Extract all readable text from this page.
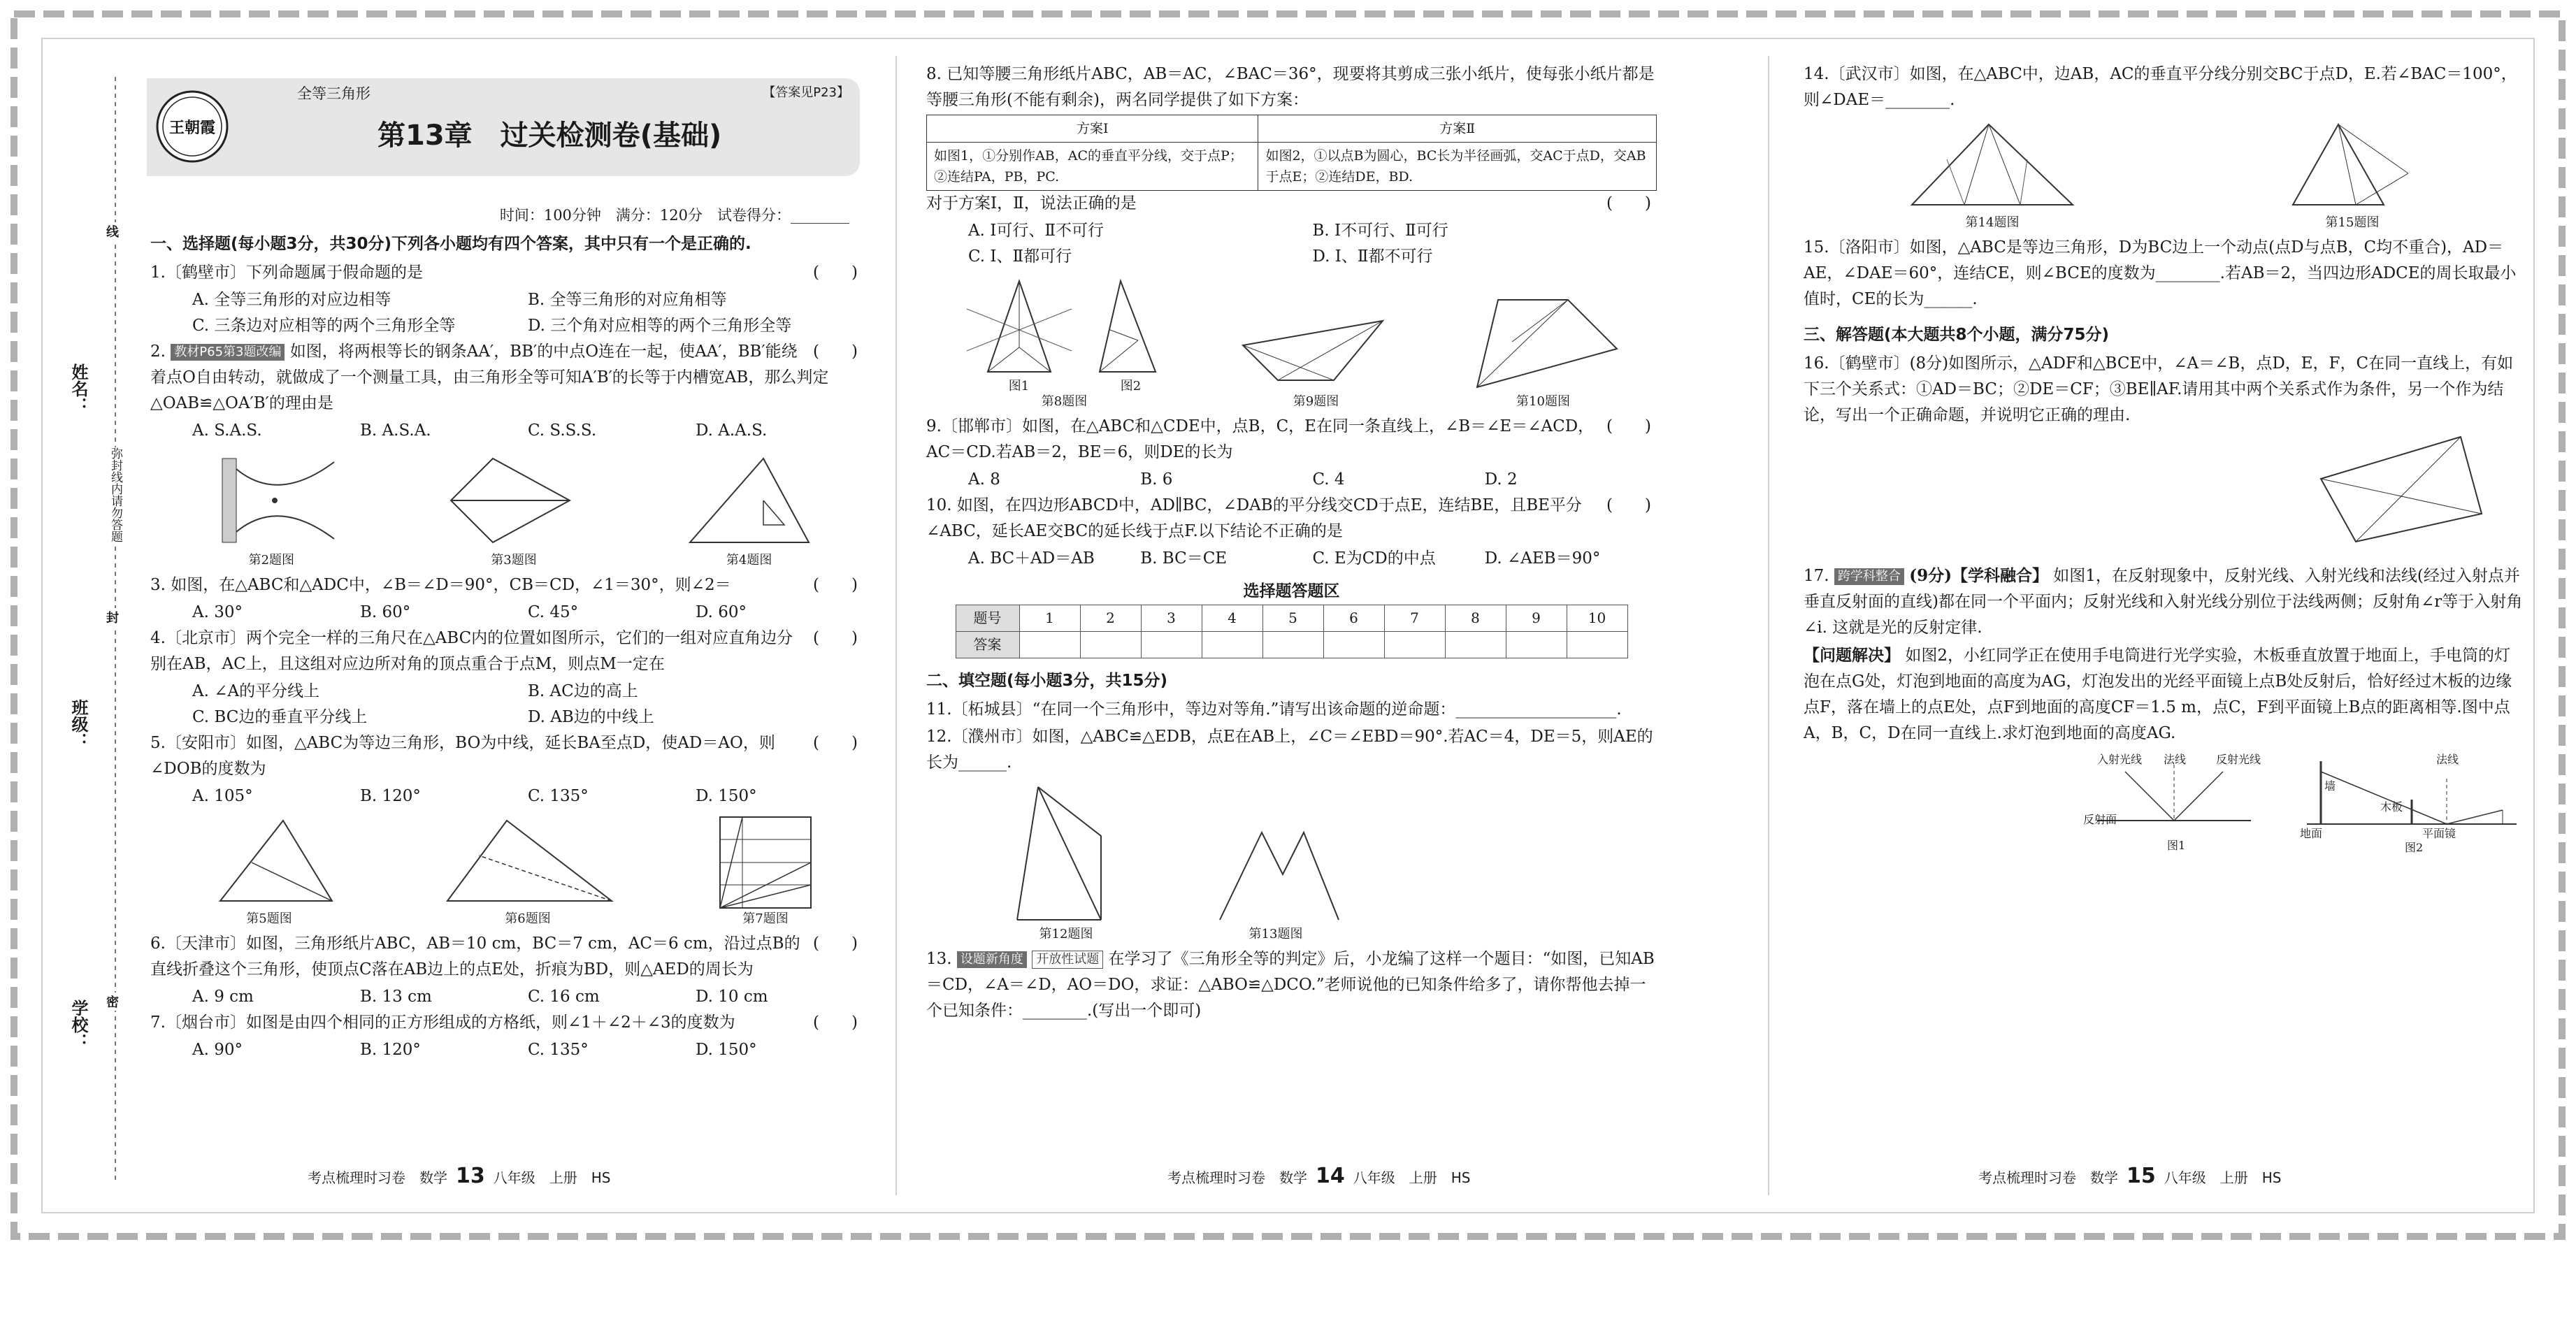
姓名：
班级：
学校：
弥封线内请勿答题
线
封
密
王朝霞
全等三角形	【答案见P23】
第13章　过关检测卷(基础)
时间：100分钟　满分：120分　试卷得分：________
一、选择题(每小题3分，共30分)下列各小题均有四个答案，其中只有一个是正确的.
(　　)
1.〔鹤壁市〕下列命题属于假命题的是
A. 全等三角形的对应边相等	B. 全等三角形的对应角相等
C. 三条边对应相等的两个三角形全等	D. 三个角对应相等的两个三角形全等
(　　)
2. 教材P65第3题改编 如图，将两根等长的钢条AA′，BB′的中点O连在一起，使AA′，BB′能绕着点O自由转动，就做成了一个测量工具，由三角形全等可知A′B′的长等于内槽宽AB，那么判定△OAB≌△OA′B′的理由是
A. S.A.S.	B. A.S.A.	C. S.S.S.	D. A.A.S.
第2题图	第3题图	第4题图
(　　)
3. 如图，在△ABC和△ADC中，∠B＝∠D＝90°，CB＝CD，∠1＝30°，则∠2＝
A. 30°	B. 60°	C. 45°	D. 60°
(　　)
4.〔北京市〕两个完全一样的三角尺在△ABC内的位置如图所示，它们的一组对应直角边分别在AB，AC上，且这组对应边所对角的顶点重合于点M，则点M一定在
A. ∠A的平分线上	B. AC边的高上
C. BC边的垂直平分线上	D. AB边的中线上
(　　)
5.〔安阳市〕如图，△ABC为等边三角形，BO为中线，延长BA至点D，使AD＝AO，则∠DOB的度数为
A. 105°	B. 120°	C. 135°	D. 150°
第5题图	第6题图	第7题图
(　　)
6.〔天津市〕如图，三角形纸片ABC，AB＝10 cm，BC＝7 cm，AC＝6 cm，沿过点B的直线折叠这个三角形，使顶点C落在AB边上的点E处，折痕为BD，则△AED的周长为
A. 9 cm	B. 13 cm	C. 16 cm	D. 10 cm
(　　)
7.〔烟台市〕如图是由四个相同的正方形组成的方格纸，则∠1＋∠2＋∠3的度数为
A. 90°	B. 120°	C. 135°	D. 150°
考点梳理时习卷　数学 13 八年级　上册　HS
8. 已知等腰三角形纸片ABC，AB＝AC，∠BAC＝36°，现要将其剪成三张小纸片，使每张小纸片都是等腰三角形(不能有剩余)，两名同学提供了如下方案：
方案Ⅰ	方案Ⅱ
如图1，①分别作AB，AC的垂直平分线，交于点P；②连结PA，PB，PC.	如图2，①以点B为圆心，BC长为半径画弧，交AC于点D，交AB于点E；②连结DE，BD.
(　　)
对于方案Ⅰ，Ⅱ，说法正确的是
A. Ⅰ可行、Ⅱ不可行	B. Ⅰ不可行、Ⅱ可行
C. Ⅰ、Ⅱ都可行	D. Ⅰ、Ⅱ都不可行
图1	图2
第8题图	第9题图	第10题图
(　　)
9.〔邯郸市〕如图，在△ABC和△CDE中，点B，C，E在同一条直线上，∠B＝∠E＝∠ACD，AC＝CD.若AB＝2，BE＝6，则DE的长为
A. 8	B. 6	C. 4	D. 2
(　　)
10. 如图，在四边形ABCD中，AD∥BC，∠DAB的平分线交CD于点E，连结BE，且BE平分∠ABC，延长AE交BC的延长线于点F.以下结论不正确的是
A. BC＋AD＝AB	B. BC＝CE	C. E为CD的中点	D. ∠AEB＝90°
选择题答题区
题号	1	2	3	4	5	6	7	8	9	10
答案										
二、填空题(每小题3分，共15分)
11.〔柘城县〕“在同一个三角形中，等边对等角.”请写出该命题的逆命题：____________________.
12.〔濮州市〕如图，△ABC≌△EDB，点E在AB上，∠C＝∠EBD＝90°.若AC＝4，DE＝5，则AE的长为______.
第12题图	第13题图
13. 设题新角度 开放性试题 在学习了《三角形全等的判定》后，小龙编了这样一个题目：“如图，已知AB＝CD，∠A＝∠D，AO＝DO，求证：△ABO≌△DCO.”老师说他的已知条件给多了，请你帮他去掉一个已知条件：________.(写出一个即可)
考点梳理时习卷　数学 14 八年级　上册　HS
14.〔武汉市〕如图，在△ABC中，边AB，AC的垂直平分线分别交BC于点D，E.若∠BAC＝100°，则∠DAE＝________.
第14题图	第15题图
15.〔洛阳市〕如图，△ABC是等边三角形，D为BC边上一个动点(点D与点B，C均不重合)，AD＝AE，∠DAE＝60°，连结CE，则∠BCE的度数为________.若AB＝2，当四边形ADCE的周长取最小值时，CE的长为______.
三、解答题(本大题共8个小题，满分75分)
16.〔鹤壁市〕(8分)如图所示，△ADF和△BCE中，∠A＝∠B，点D，E，F，C在同一直线上，有如下三个关系式：①AD＝BC；②DE＝CF；③BE∥AF.请用其中两个关系式作为条件，另一个作为结论，写出一个正确命题，并说明它正确的理由.
17. 跨学科整合 (9分)【学科融合】 如图1，在反射现象中，反射光线、入射光线和法线(经过入射点并垂直反射面的直线)都在同一个平面内；反射光线和入射光线分别位于法线两侧；反射角∠r等于入射角∠i. 这就是光的反射定律.
【问题解决】 如图2，小红同学正在使用手电筒进行光学实验，木板垂直放置于地面上，手电筒的灯泡在点G处，灯泡到地面的高度为AG，灯泡发出的光经平面镜上点B处反射后，恰好经过木板的边缘点F，落在墙上的点E处，点F到地面的高度CF＝1.5 m，点C，F到平面镜上B点的距离相等.图中点A，B，C，D在同一直线上.求灯泡到地面的高度AG.
入射光线 法线	反射光线
反射面
图1
法线
墙
木板
地面	平面镜
图2
考点梳理时习卷　数学 15 八年级　上册　HS
